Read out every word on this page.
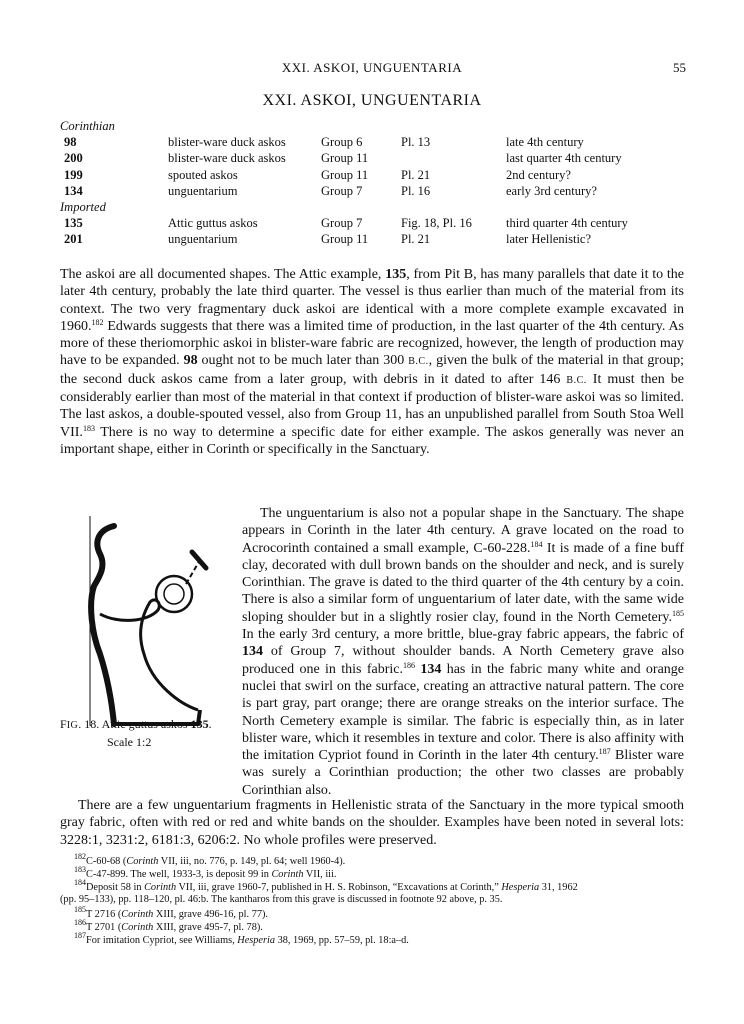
XXI. ASKOI, UNGUENTARIA	55
XXI. ASKOI, UNGUENTARIA
Corinthian				
98	blister-ware duck askos	Group 6	Pl. 13	late 4th century
200	blister-ware duck askos	Group 11		last quarter 4th century
199	spouted askos	Group 11	Pl. 21	2nd century?
134	unguentarium	Group 7	Pl. 16	early 3rd century?
Imported				
135	Attic guttus askos	Group 7	Fig. 18, Pl. 16	third quarter 4th century
201	unguentarium	Group 11	Pl. 21	later Hellenistic?
The askoi are all documented shapes. The Attic example, 135, from Pit B, has many parallels that date it to the later 4th century, probably the late third quarter. The vessel is thus earlier than much of the material from its context. The two very fragmentary duck askoi are identical with a more complete example excavated in 1960.$^{182}$ Edwards suggests that there was a limited time of production, in the last quarter of the 4th century. As more of these theriomorphic askoi in blister-ware fabric are recognized, however, the length of production may have to be expanded. 98 ought not to be much later than 300 B.C., given the bulk of the material in that group; the second duck askos came from a later group, with debris in it dated to after 146 B.C. It must then be considerably earlier than most of the material in that context if production of blister-ware askoi was so limited. The last askos, a double-spouted vessel, also from Group 11, has an unpublished parallel from South Stoa Well VII.$^{183}$ There is no way to determine a specific date for either example. The askos generally was never an important shape, either in Corinth or specifically in the Sanctuary.
FIG. 18. Attic guttus askos 135.
Scale 1:2
The unguentarium is also not a popular shape in the Sanctuary. The shape appears in Corinth in the later 4th century. A grave located on the road to Acrocorinth contained a small example, C-60-228.$^{184}$ It is made of a fine buff clay, decorated with dull brown bands on the shoulder and neck, and is surely Corinthian. The grave is dated to the third quarter of the 4th century by a coin. There is also a similar form of unguentarium of later date, with the same wide sloping shoulder but in a slightly rosier clay, found in the North Cemetery.$^{185}$ In the early 3rd century, a more brittle, blue-gray fabric appears, the fabric of 134 of Group 7, without shoulder bands. A North Cemetery grave also produced one in this fabric.$^{186}$ 134 has in the fabric many white and orange nuclei that swirl on the surface, creating an attractive natural pattern. The core is part gray, part orange; there are orange streaks on the interior surface. The North Cemetery example is similar. The fabric is especially thin, as in later blister ware, which it resembles in texture and color. There is also affinity with the imitation Cypriot found in Corinth in the later 4th century.$^{187}$ Blister ware was surely a Corinthian production; the other two classes are probably Corinthian also.
There are a few unguentarium fragments in Hellenistic strata of the Sanctuary in the more typical smooth gray fabric, often with red or red and white bands on the shoulder. Examples have been noted in several lots: 3228:1, 3231:2, 6181:3, 6206:2. No whole profiles were preserved.
$^{182}$C-60-68 (Corinth VII, iii, no. 776, p. 149, pl. 64; well 1960-4).
$^{183}$C-47-899. The well, 1933-3, is deposit 99 in Corinth VII, iii.
$^{184}$Deposit 58 in Corinth VII, iii, grave 1960-7, published in H. S. Robinson, “Excavations at Corinth,” Hesperia 31, 1962
(pp. 95–133), pp. 118–120, pl. 46:b. The kantharos from this grave is discussed in footnote 92 above, p. 35.
$^{185}$T 2716 (Corinth XIII, grave 496-16, pl. 77).
$^{186}$T 2701 (Corinth XIII, grave 495-7, pl. 78).
$^{187}$For imitation Cypriot, see Williams, Hesperia 38, 1969, pp. 57–59, pl. 18:a–d.
